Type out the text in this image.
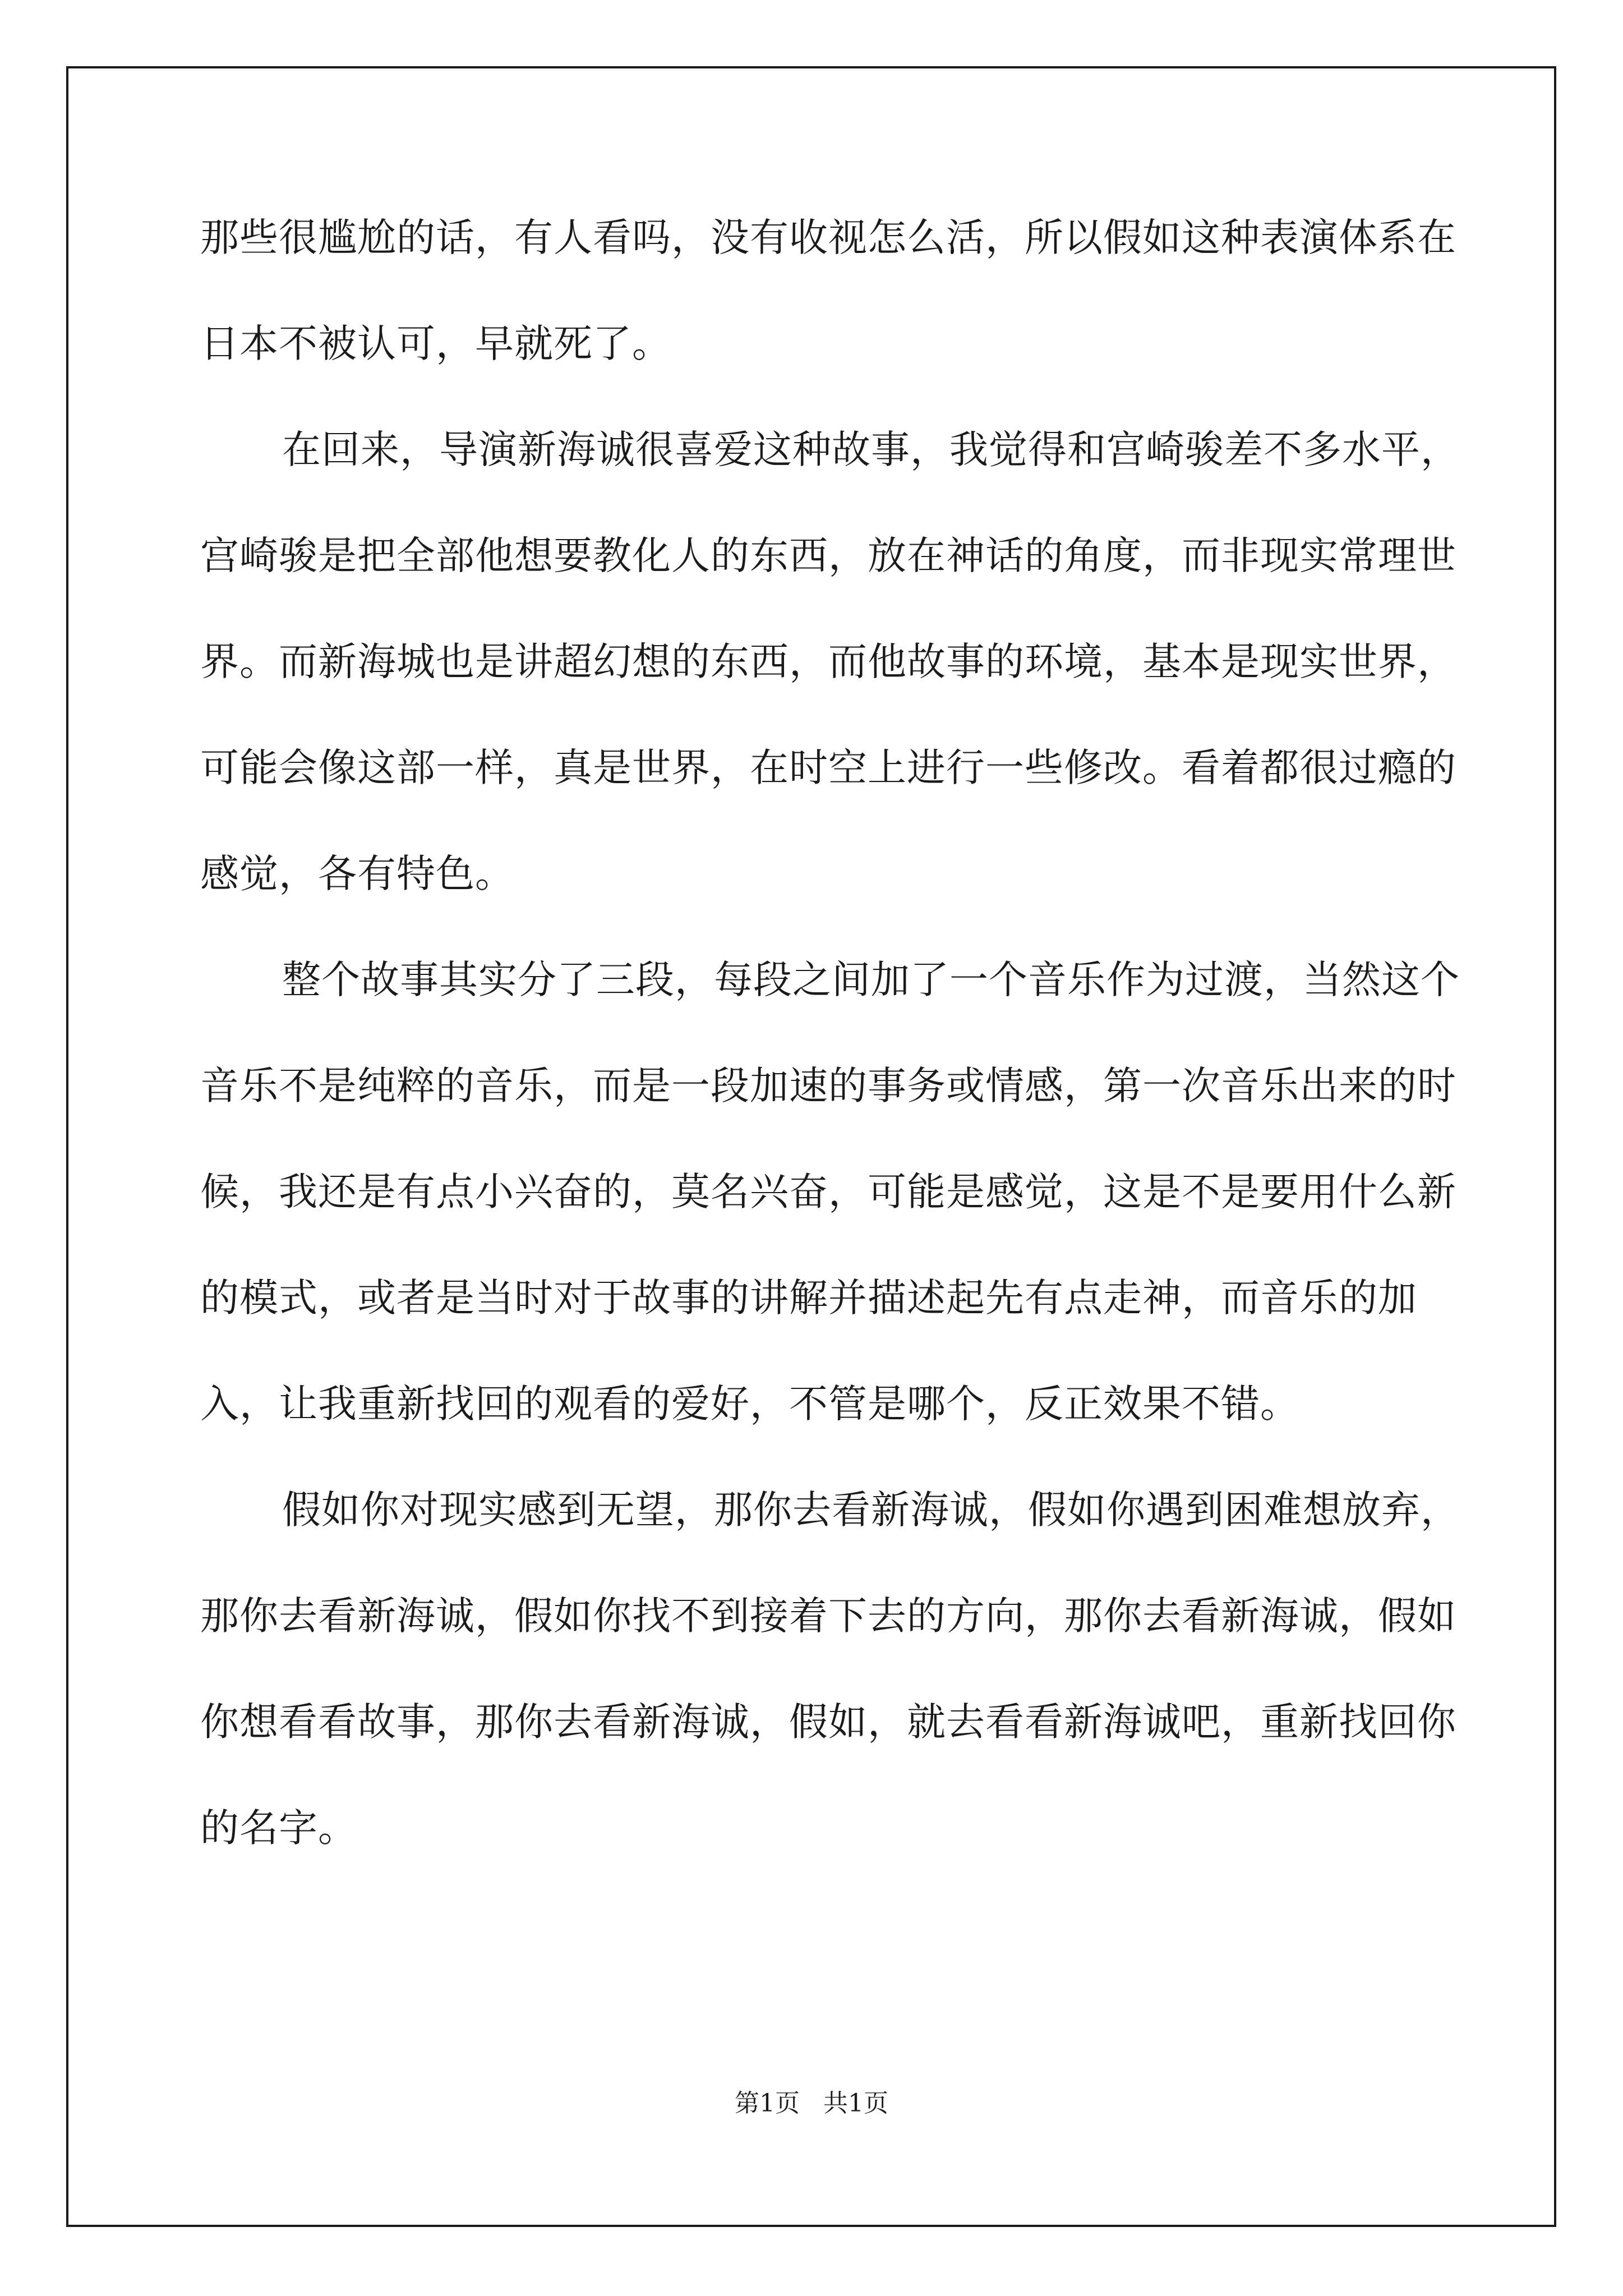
那些很尴尬的话，有人看吗，没有收视怎么活，所以假如这种表演体系在日本不被认可，早就死了。

在回来，导演新海诚很喜爱这种故事，我觉得和宫崎骏差不多水平，宫崎骏是把全部他想要教化人的东西，放在神话的角度，而非现实常理世界。而新海城也是讲超幻想的东西，而他故事的环境，基本是现实世界，可能会像这部一样，真是世界，在时空上进行一些修改。看着都很过瘾的感觉，各有特色。

整个故事其实分了三段，每段之间加了一个音乐作为过渡，当然这个音乐不是纯粹的音乐，而是一段加速的事务或情感，第一次音乐出来的时候，我还是有点小兴奋的，莫名兴奋，可能是感觉，这是不是要用什么新的模式，或者是当时对于故事的讲解并描述起先有点走神，而音乐的加入，让我重新找回的观看的爱好，不管是哪个，反正效果不错。

假如你对现实感到无望，那你去看新海诚，假如你遇到困难想放弃，那你去看新海诚，假如你找不到接着下去的方向，那你去看新海诚，假如你想看看故事，那你去看新海诚，假如，就去看看新海诚吧，重新找回你的名字。

第1页 共1页
